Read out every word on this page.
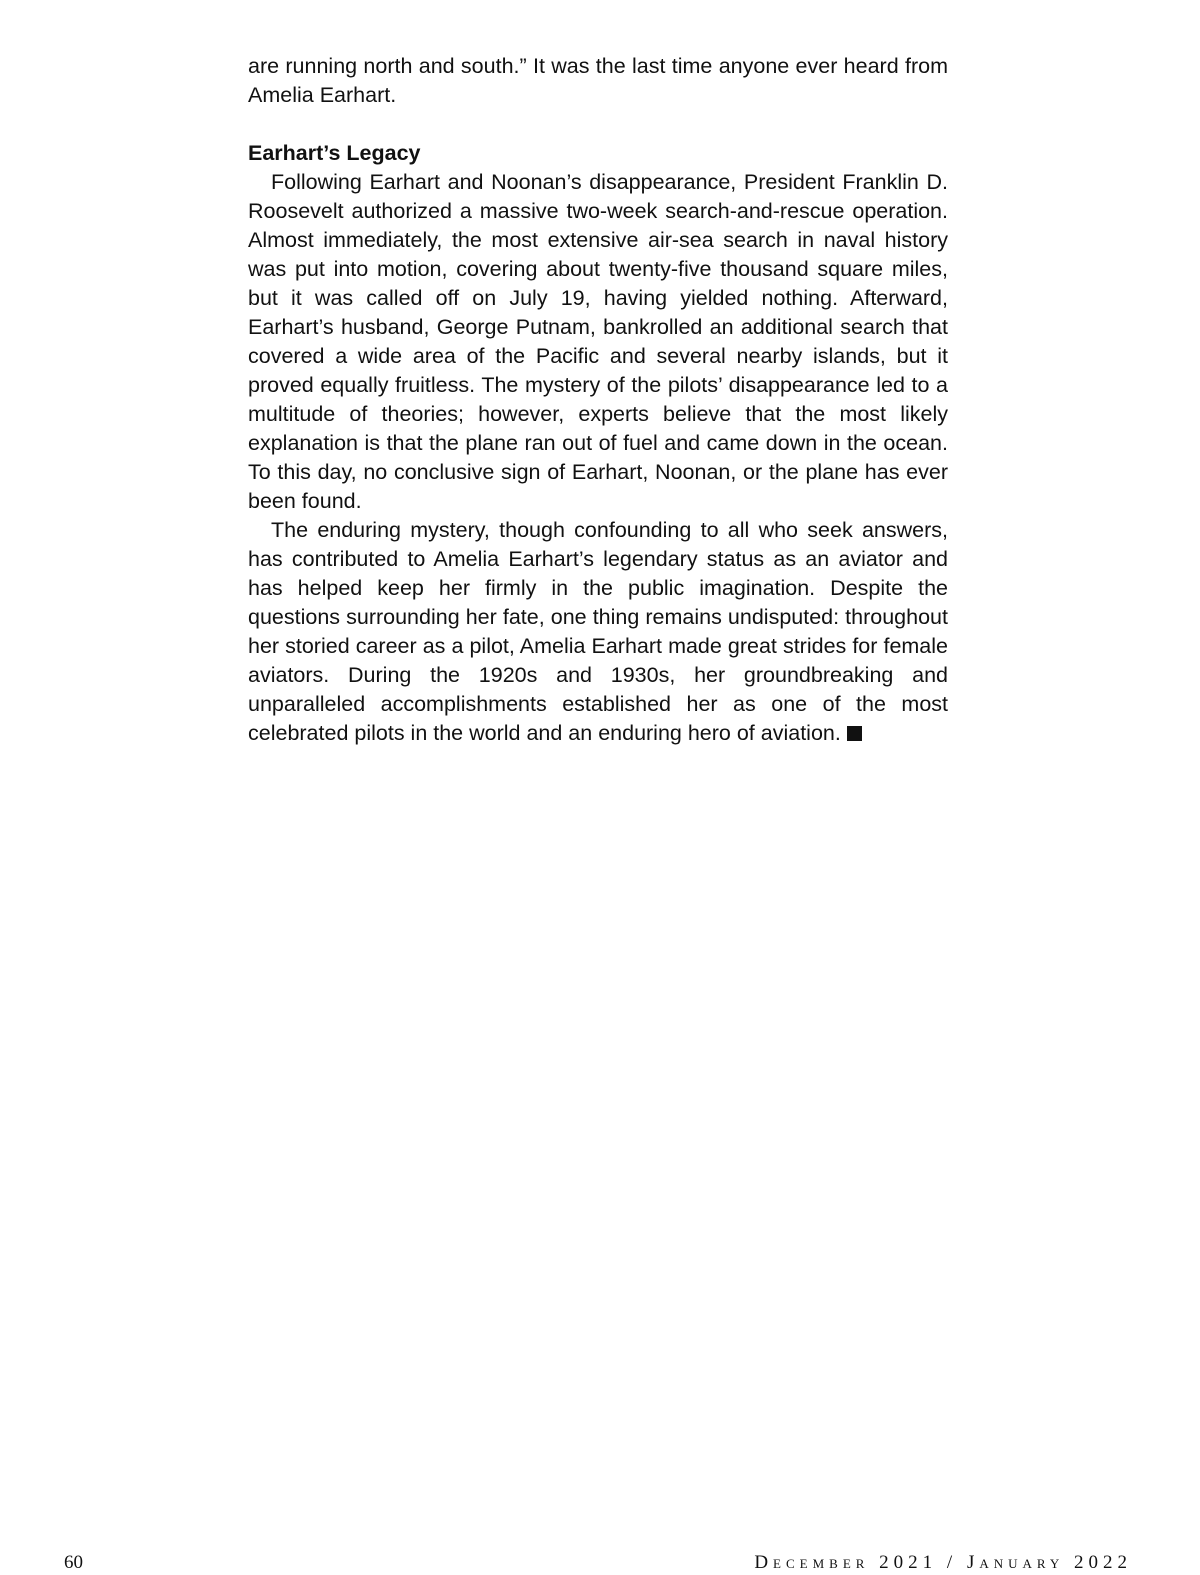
are running north and south.” It was the last time anyone ever heard from Amelia Earhart.

Earhart’s Legacy

Following Earhart and Noonan’s disappearance, President Franklin D. Roosevelt authorized a massive two-week search-and-rescue operation. Almost immediately, the most extensive air-sea search in naval history was put into motion, covering about twenty-five thousand square miles, but it was called off on July 19, having yielded nothing. Afterward, Earhart’s husband, George Putnam, bankrolled an additional search that covered a wide area of the Pacific and several nearby islands, but it proved equally fruitless. The mystery of the pilots’ disappearance led to a multitude of theories; however, experts believe that the most likely explanation is that the plane ran out of fuel and came down in the ocean. To this day, no conclusive sign of Earhart, Noonan, or the plane has ever been found.

The enduring mystery, though confounding to all who seek answers, has contributed to Amelia Earhart’s legendary status as an aviator and has helped keep her firmly in the public imagination. Despite the questions surrounding her fate, one thing remains undisputed: throughout her storied career as a pilot, Amelia Earhart made great strides for female aviators. During the 1920s and 1930s, her groundbreaking and unparalleled accomplishments established her as one of the most celebrated pilots in the world and an enduring hero of aviation.

60	December 2021 / January 2022
